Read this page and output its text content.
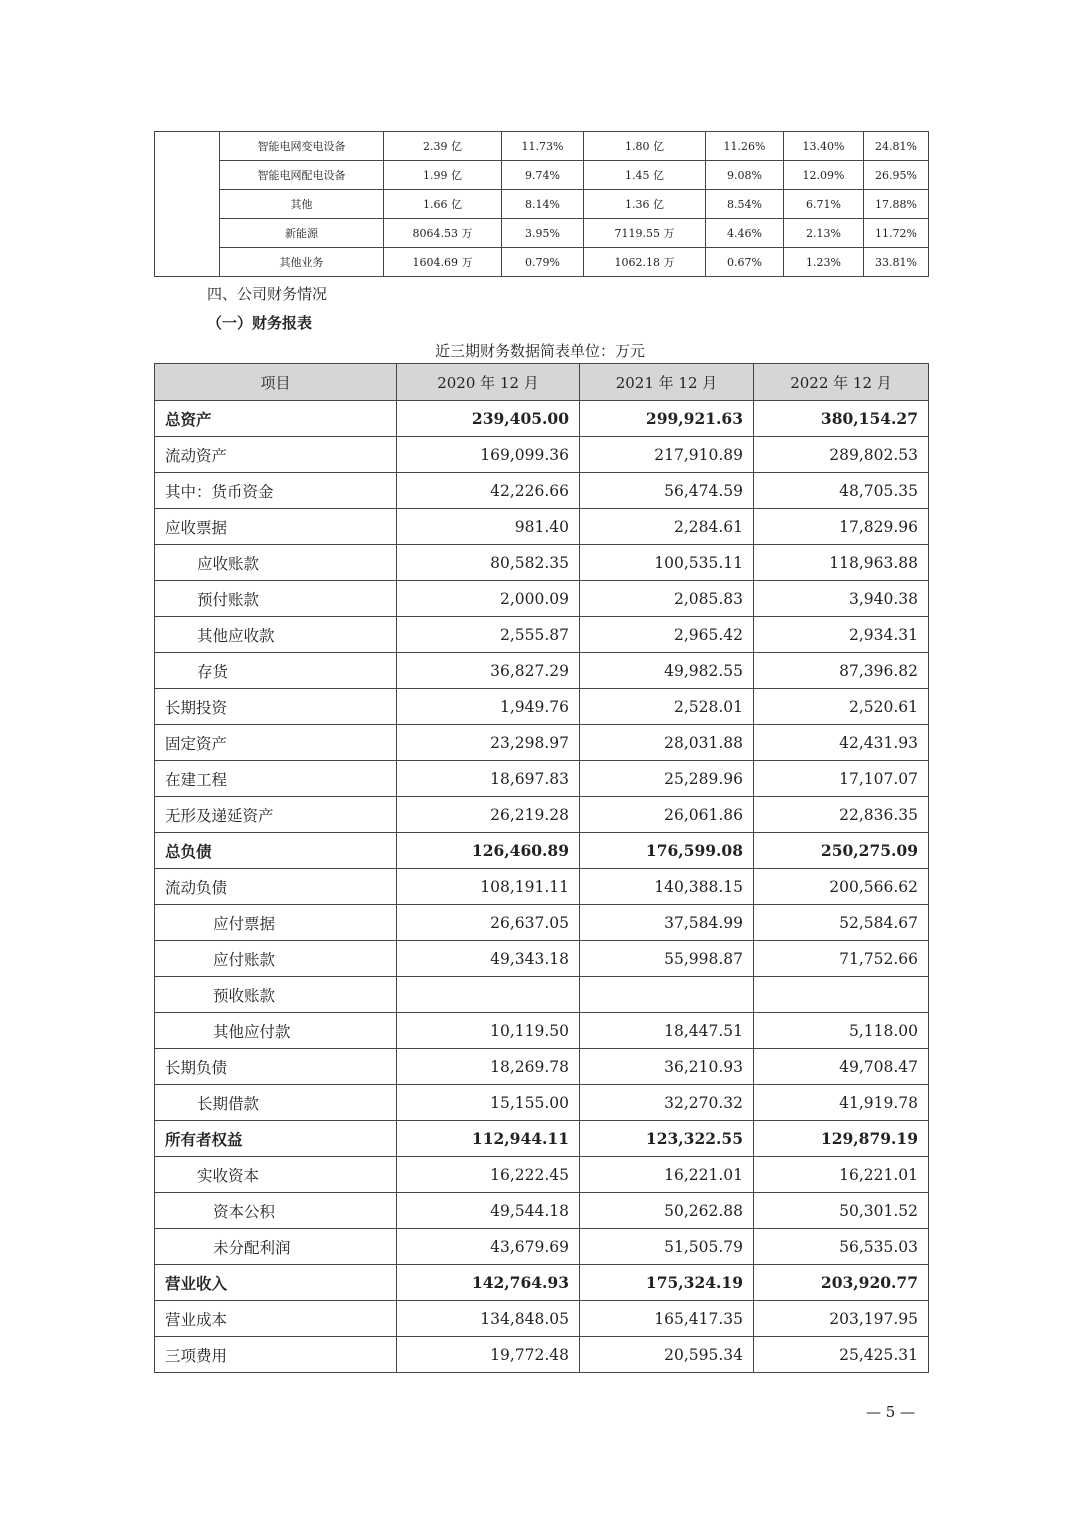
	智能电网变电设备	2.39 亿	11.73%	1.80 亿	11.26%	13.40%	24.81%
	智能电网配电设备	1.99 亿	9.74%	1.45 亿	9.08%	12.09%	26.95%
	其他	1.66 亿	8.14%	1.36 亿	8.54%	6.71%	17.88%
	新能源	8064.53 万	3.95%	7119.55 万	4.46%	2.13%	11.72%
	其他业务	1604.69 万	0.79%	1062.18 万	0.67%	1.23%	33.81%
四、公司财务情况
（一）财务报表
近三期财务数据简表单位：万元
项目	2020 年 12 月	2021 年 12 月	2022 年 12 月
总资产	239,405.00	299,921.63	380,154.27
流动资产	169,099.36	217,910.89	289,802.53
其中：货币资金	42,226.66	56,474.59	48,705.35
应收票据	981.40	2,284.61	17,829.96
应收账款	80,582.35	100,535.11	118,963.88
预付账款	2,000.09	2,085.83	3,940.38
其他应收款	2,555.87	2,965.42	2,934.31
存货	36,827.29	49,982.55	87,396.82
长期投资	1,949.76	2,528.01	2,520.61
固定资产	23,298.97	28,031.88	42,431.93
在建工程	18,697.83	25,289.96	17,107.07
无形及递延资产	26,219.28	26,061.86	22,836.35
总负债	126,460.89	176,599.08	250,275.09
流动负债	108,191.11	140,388.15	200,566.62
应付票据	26,637.05	37,584.99	52,584.67
应付账款	49,343.18	55,998.87	71,752.66
预收账款			
其他应付款	10,119.50	18,447.51	5,118.00
长期负债	18,269.78	36,210.93	49,708.47
长期借款	15,155.00	32,270.32	41,919.78
所有者权益	112,944.11	123,322.55	129,879.19
实收资本	16,222.45	16,221.01	16,221.01
资本公积	49,544.18	50,262.88	50,301.52
未分配利润	43,679.69	51,505.79	56,535.03
营业收入	142,764.93	175,324.19	203,920.77
营业成本	134,848.05	165,417.35	203,197.95
三项费用	19,772.48	20,595.34	25,425.31
— 5 —
